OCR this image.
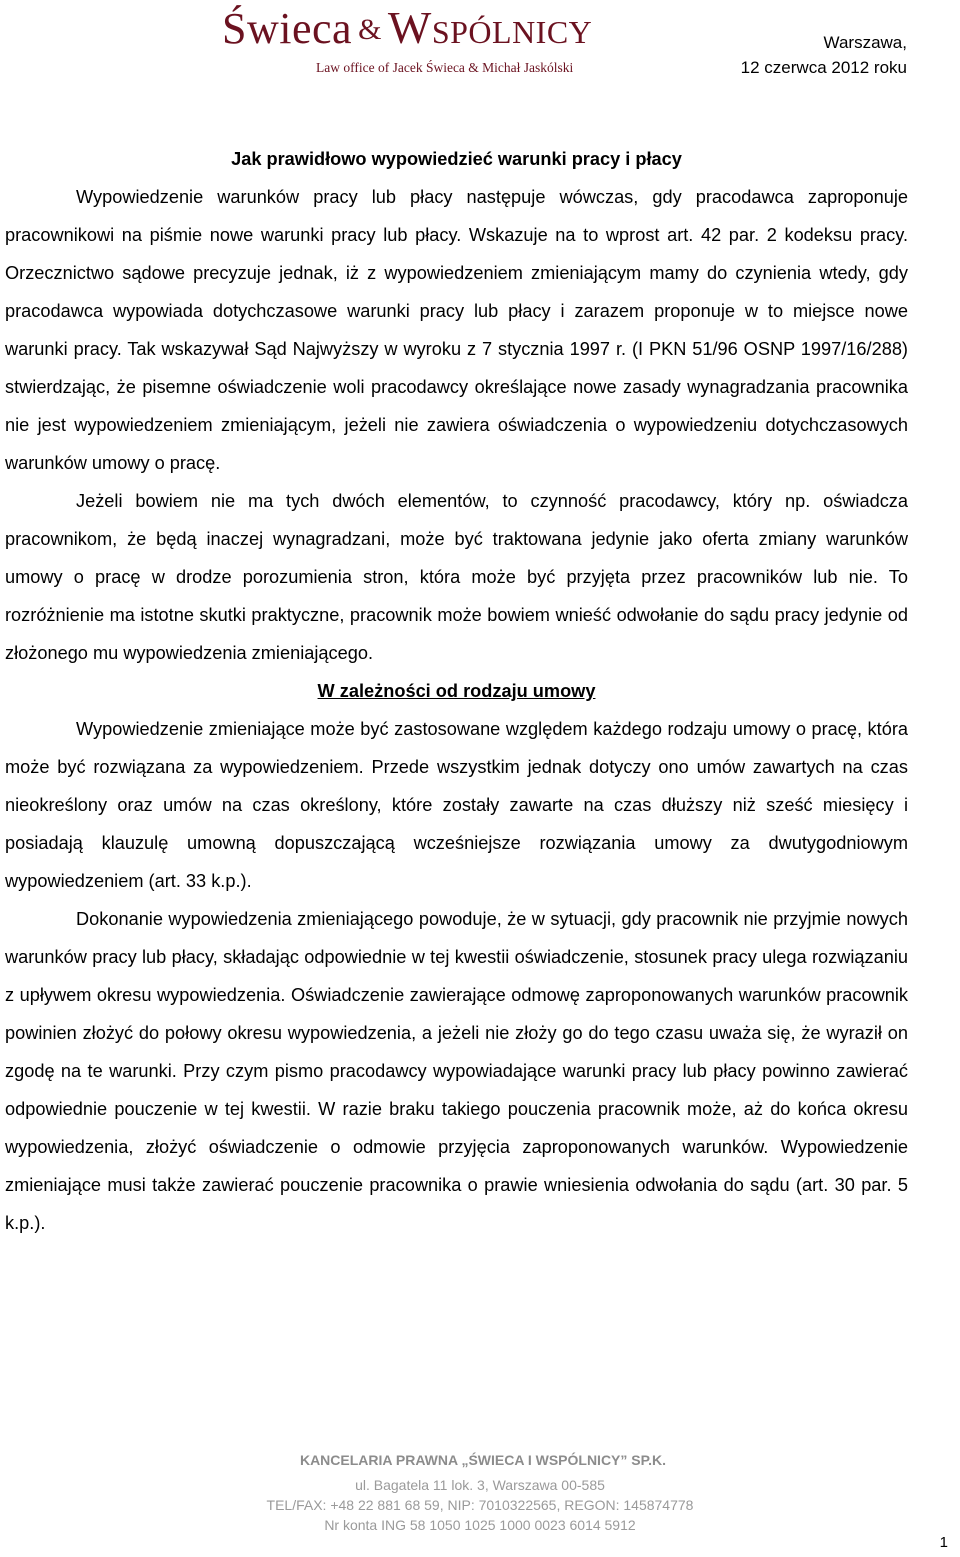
Świeca & Wspólnicy
Law office of Jacek Świeca & Michał Jaskólski
Warszawa,
12 czerwca 2012 roku

Jak prawidłowo wypowiedzieć warunki pracy i płacy

Wypowiedzenie warunków pracy lub płacy następuje wówczas, gdy pracodawca zaproponuje pracownikowi na piśmie nowe warunki pracy lub płacy. Wskazuje na to wprost art. 42 par. 2 kodeksu pracy. Orzecznictwo sądowe precyzuje jednak, iż z wypowiedzeniem zmieniającym mamy do czynienia wtedy, gdy pracodawca wypowiada dotychczasowe warunki pracy lub płacy i zarazem proponuje w to miejsce nowe warunki pracy. Tak wskazywał Sąd Najwyższy w wyroku z 7 stycznia 1997 r. (I PKN 51/96 OSNP 1997/16/288) stwierdzając, że pisemne oświadczenie woli pracodawcy określające nowe zasady wynagradzania pracownika nie jest wypowiedzeniem zmieniającym, jeżeli nie zawiera oświadczenia o wypowiedzeniu dotychczasowych warunków umowy o pracę.

Jeżeli bowiem nie ma tych dwóch elementów, to czynność pracodawcy, który np. oświadcza pracownikom, że będą inaczej wynagradzani, może być traktowana jedynie jako oferta zmiany warunków umowy o pracę w drodze porozumienia stron, która może być przyjęta przez pracowników lub nie. To rozróżnienie ma istotne skutki praktyczne, pracownik może bowiem wnieść odwołanie do sądu pracy jedynie od złożonego mu wypowiedzenia zmieniającego.

W zależności od rodzaju umowy

Wypowiedzenie zmieniające może być zastosowane względem każdego rodzaju umowy o pracę, która może być rozwiązana za wypowiedzeniem. Przede wszystkim jednak dotyczy ono umów zawartych na czas nieokreślony oraz umów na czas określony, które zostały zawarte na czas dłuższy niż sześć miesięcy i posiadają klauzulę umowną dopuszczającą wcześniejsze rozwiązania umowy za dwutygodniowym wypowiedzeniem (art. 33 k.p.).

Dokonanie wypowiedzenia zmieniającego powoduje, że w sytuacji, gdy pracownik nie przyjmie nowych warunków pracy lub płacy, składając odpowiednie w tej kwestii oświadczenie, stosunek pracy ulega rozwiązaniu z upływem okresu wypowiedzenia. Oświadczenie zawierające odmowę zaproponowanych warunków pracownik powinien złożyć do połowy okresu wypowiedzenia, a jeżeli nie złoży go do tego czasu uważa się, że wyraził on zgodę na te warunki. Przy czym pismo pracodawcy wypowiadające warunki pracy lub płacy powinno zawierać odpowiednie pouczenie w tej kwestii. W razie braku takiego pouczenia pracownik może, aż do końca okresu wypowiedzenia, złożyć oświadczenie o odmowie przyjęcia zaproponowanych warunków. Wypowiedzenie zmieniające musi także zawierać pouczenie pracownika o prawie wniesienia odwołania do sądu (art. 30 par. 5 k.p.).

KANCELARIA PRAWNA „ŚWIECA I WSPÓLNICY” SP.K.
ul. Bagatela 11 lok. 3, Warszawa 00-585
TEL/FAX: +48 22 881 68 59, NIP: 7010322565, REGON: 145874778
Nr konta ING 58 1050 1025 1000 0023 6014 5912
1
